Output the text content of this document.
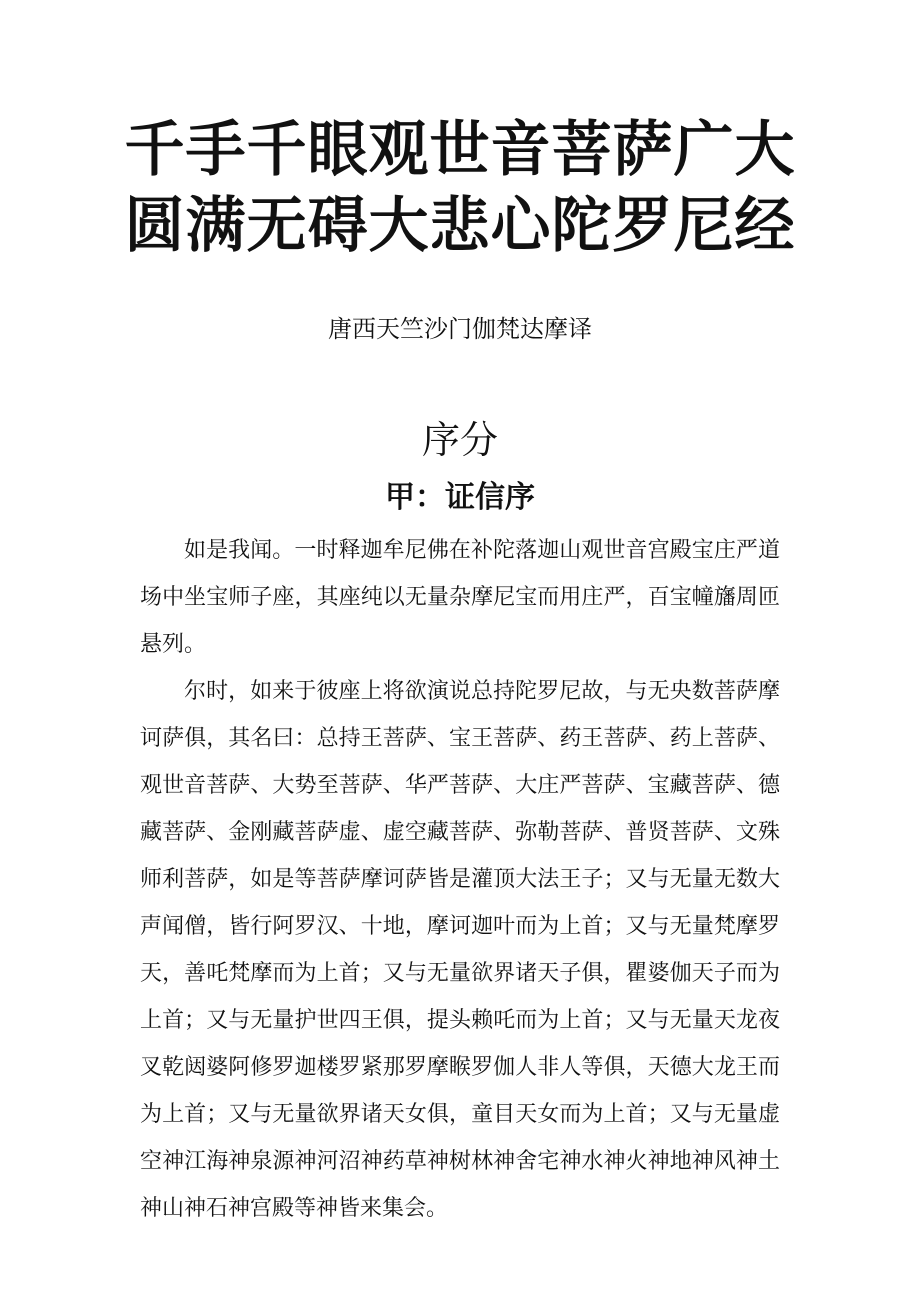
千手千眼观世音菩萨广大
圆满无碍大悲心陀罗尼经
唐西天竺沙门伽梵达摩译
序分
甲：证信序

如是我闻。一时释迦牟尼佛在补陀落迦山观世音宫殿宝庄严道场中坐宝师子座，其座纯以无量杂摩尼宝而用庄严，百宝幢旛周匝悬列。

尔时，如来于彼座上将欲演说总持陀罗尼故，与无央数菩萨摩诃萨俱，其名曰：总持王菩萨、宝王菩萨、药王菩萨、药上菩萨、观世音菩萨、大势至菩萨、华严菩萨、大庄严菩萨、宝藏菩萨、德藏菩萨、金刚藏菩萨虚、虚空藏菩萨、弥勒菩萨、普贤菩萨、文殊师利菩萨，如是等菩萨摩诃萨皆是灌顶大法王子；又与无量无数大声闻僧，皆行阿罗汉、十地，摩诃迦叶而为上首；又与无量梵摩罗天，善吒梵摩而为上首；又与无量欲界诸天子俱，瞿婆伽天子而为上首；又与无量护世四王俱，提头赖吒而为上首；又与无量天龙夜叉乾闼婆阿修罗迦楼罗紧那罗摩睺罗伽人非人等俱，天德大龙王而为上首；又与无量欲界诸天女俱，童目天女而为上首；又与无量虚空神江海神泉源神河沼神药草神树林神舍宅神水神火神地神风神土神山神石神宫殿等神皆来集会。
